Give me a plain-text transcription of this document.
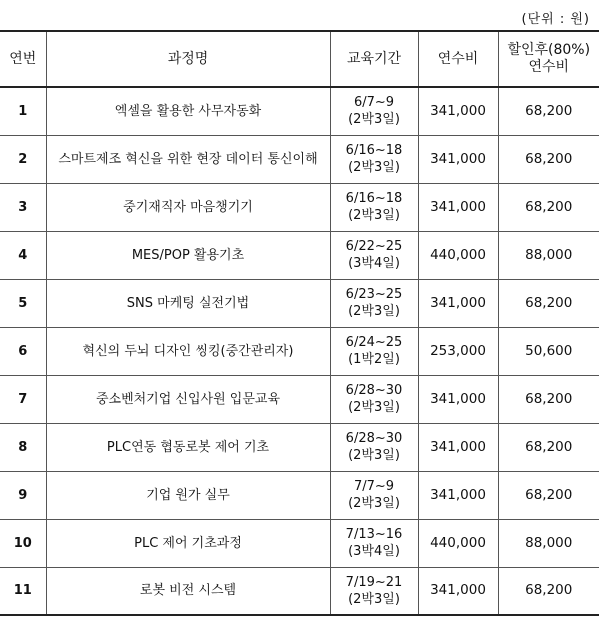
(단위 : 원)
연번	과정명	교육기간	연수비	할인후(80%)
연수비

1	엑셀을 활용한 사무자동화	6/7~9
(2박3일)	341,000	68,200
2	스마트제조 혁신을 위한 현장 데이터 통신이해	6/16~18
(2박3일)	341,000	68,200
3	중기재직자 마음챙기기	6/16~18
(2박3일)	341,000	68,200
4	MES/POP 활용기초	6/22~25
(3박4일)	440,000	88,000
5	SNS 마케팅 실전기법	6/23~25
(2박3일)	341,000	68,200
6	혁신의 두뇌 디자인 씽킹(중간관리자)	6/24~25
(1박2일)	253,000	50,600
7	중소벤처기업 신입사원 입문교육	6/28~30
(2박3일)	341,000	68,200
8	PLC연동 협동로봇 제어 기초	6/28~30
(2박3일)	341,000	68,200
9	기업 원가 실무	7/7~9
(2박3일)	341,000	68,200
10	PLC 제어 기초과정	7/13~16
(3박4일)	440,000	88,000
11	로봇 비전 시스템	7/19~21
(2박3일)	341,000	68,200
